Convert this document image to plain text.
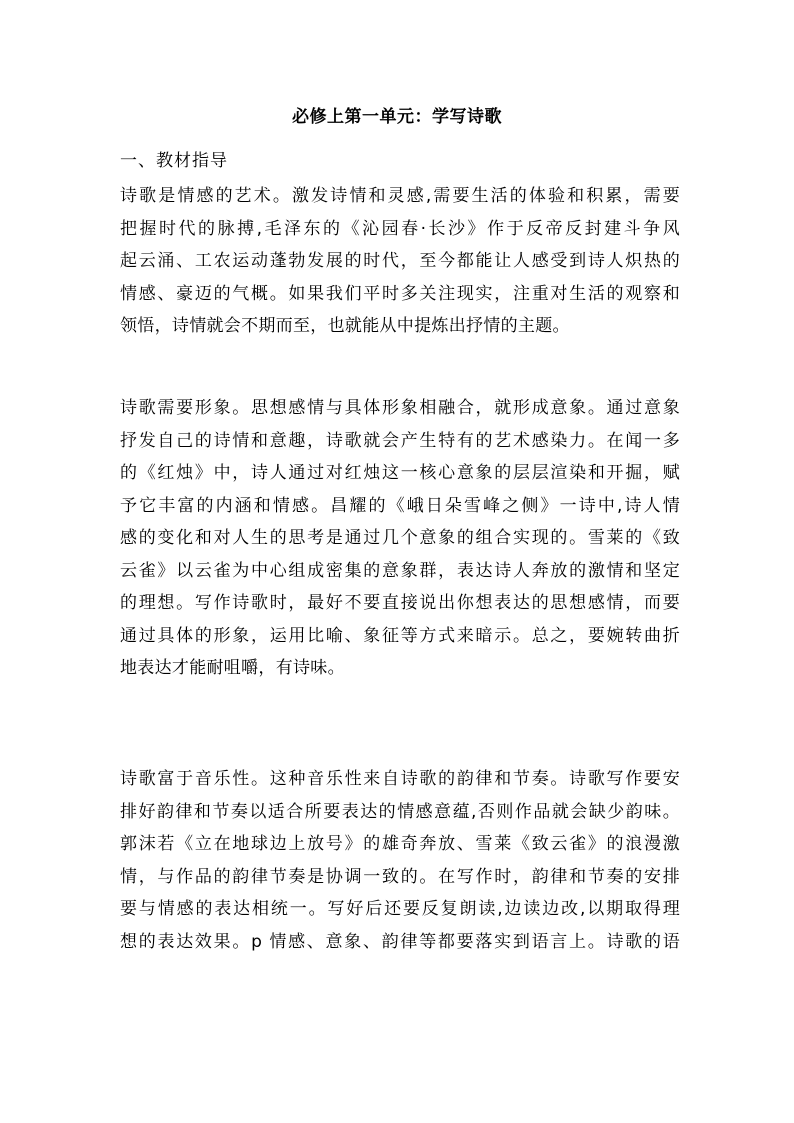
必修上第一单元：学写诗歌
一、教材指导
诗歌是情感的艺术。激发诗情和灵感,需要生活的体验和积累，需要
把握时代的脉搏,毛泽东的《沁园春·长沙》作于反帝反封建斗争风
起云涌、工农运动蓬勃发展的时代，至今都能让人感受到诗人炽热的
情感、豪迈的气概。如果我们平时多关注现实，注重对生活的观察和
领悟，诗情就会不期而至，也就能从中提炼出抒情的主题。
诗歌需要形象。思想感情与具体形象相融合，就形成意象。通过意象
抒发自己的诗情和意趣，诗歌就会产生特有的艺术感染力。在闻一多
的《红烛》中，诗人通过对红烛这一核心意象的层层渲染和开掘，赋
予它丰富的内涵和情感。昌耀的《峨日朵雪峰之侧》一诗中,诗人情
感的变化和对人生的思考是通过几个意象的组合实现的。雪莱的《致
云雀》以云雀为中心组成密集的意象群，表达诗人奔放的激情和坚定
的理想。写作诗歌时，最好不要直接说出你想表达的思想感情，而要
通过具体的形象，运用比喻、象征等方式来暗示。总之，要婉转曲折
地表达才能耐咀嚼，有诗味。
诗歌富于音乐性。这种音乐性来自诗歌的韵律和节奏。诗歌写作要安
排好韵律和节奏以适合所要表达的情感意蕴,否则作品就会缺少韵味。
郭沫若《立在地球边上放号》的雄奇奔放、雪莱《致云雀》的浪漫激
情，与作品的韵律节奏是协调一致的。在写作时，韵律和节奏的安排
要与情感的表达相统一。写好后还要反复朗读,边读边改,以期取得理
想的表达效果。p 情感、意象、韵律等都要落实到语言上。诗歌的语
